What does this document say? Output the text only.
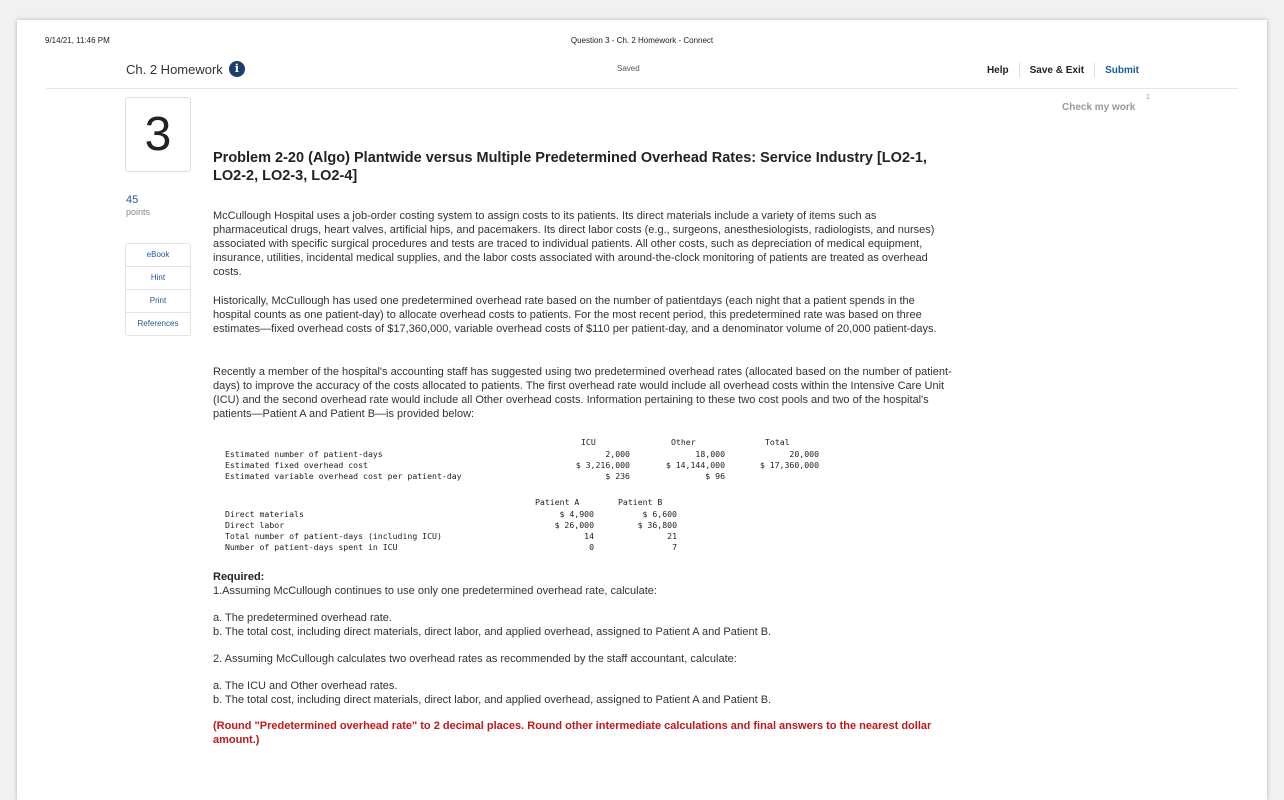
9/14/21, 11:46 PM	Question 3 - Ch. 2 Homework - Connect
Ch. 2 Homework	i	Saved	Help	Save & Exit	Submit
Check my work
1
3
45
points
eBook
Hint
Print
References
Problem 2-20 (Algo) Plantwide versus Multiple Predetermined Overhead Rates: Service Industry [LO2-1, LO2-2, LO2-3, LO2-4]
McCullough Hospital uses a job-order costing system to assign costs to its patients. Its direct materials include a variety of items such as pharmaceutical drugs, heart valves, artificial hips, and pacemakers. Its direct labor costs (e.g., surgeons, anesthesiologists, radiologists, and nurses) associated with specific surgical procedures and tests are traced to individual patients. All other costs, such as depreciation of medical equipment, insurance, utilities, incidental medical supplies, and the labor costs associated with around-the-clock monitoring of patients are treated as overhead costs.
Historically, McCullough has used one predetermined overhead rate based on the number of patientdays (each night that a patient spends in the hospital counts as one patient-day) to allocate overhead costs to patients. For the most recent period, this predetermined rate was based on three estimates—fixed overhead costs of $17,360,000, variable overhead costs of $110 per patient-day, and a denominator volume of 20,000 patient-days.
Recently a member of the hospital's accounting staff has suggested using two predetermined overhead rates (allocated based on the number of patient-days) to improve the accuracy of the costs allocated to patients. The first overhead rate would include all overhead costs within the Intensive Care Unit (ICU) and the second overhead rate would include all Other overhead costs. Information pertaining to these two cost pools and two of the hospital's patients—Patient A and Patient B—is provided below:
ICU	Other	Total
Estimated number of patient-days	2,000	18,000	20,000
Estimated fixed overhead cost	$ 3,216,000	$ 14,144,000	$ 17,360,000
Estimated variable overhead cost per patient-day	$ 236	$ 96
Patient A	Patient B
Direct materials	$ 4,900	$ 6,600
Direct labor	$ 26,000	$ 36,800
Total number of patient-days (including ICU)	14	21
Number of patient-days spent in ICU	0	7
Required:
1.Assuming McCullough continues to use only one predetermined overhead rate, calculate:
a. The predetermined overhead rate.
b. The total cost, including direct materials, direct labor, and applied overhead, assigned to Patient A and Patient B.
2. Assuming McCullough calculates two overhead rates as recommended by the staff accountant, calculate:
a. The ICU and Other overhead rates.
b. The total cost, including direct materials, direct labor, and applied overhead, assigned to Patient A and Patient B.
(Round "Predetermined overhead rate" to 2 decimal places. Round other intermediate calculations and final answers to the nearest dollar amount.)
